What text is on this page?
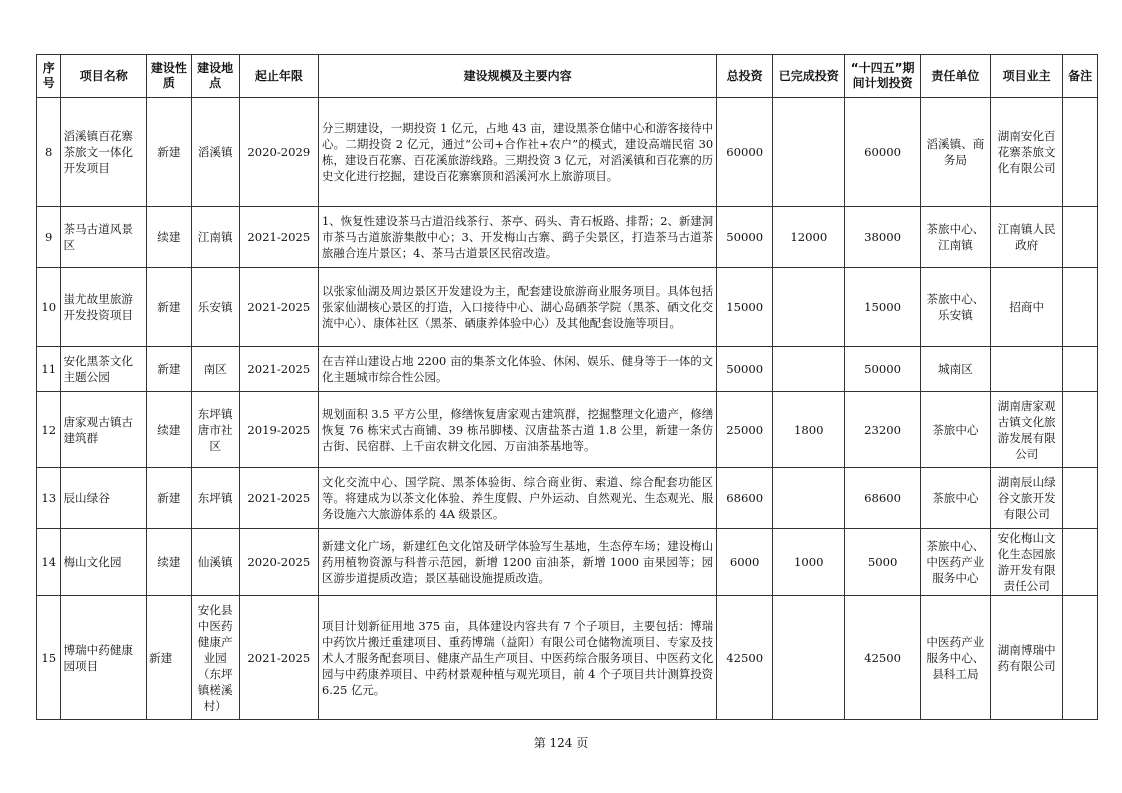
序号	项目名称	建设性质	建设地点	起止年限	建设规模及主要内容	总投资	已完成投资	“十四五”期间计划投资	责任单位	项目业主	备注
8	滔溪镇百花寨茶旅文一体化开发项目	新建	滔溪镇	2020-2029	分三期建设，一期投资 1 亿元，占地 43 亩，建设黑茶仓储中心和游客接待中心。二期投资 2 亿元，通过“公司+合作社+农户”的模式，建设高端民宿 30 栋，建设百花寨、百花溪旅游线路。三期投资 3 亿元，对滔溪镇和百花寨的历史文化进行挖掘，建设百花寨寨顶和滔溪河水上旅游项目。	60000		60000	滔溪镇、商务局	湖南安化百花寨茶旅文化有限公司	
9	茶马古道风景区	续建	江南镇	2021-2025	1、恢复性建设茶马古道沿线茶行、茶亭、码头、青石板路、排帮；2、新建洞市茶马古道旅游集散中心；3、开发梅山古寨、鹞子尖景区，打造茶马古道茶旅融合连片景区；4、茶马古道景区民宿改造。	50000	12000	38000	茶旅中心、江南镇	江南镇人民政府	
10	蚩尤故里旅游开发投资项目	新建	乐安镇	2021-2025	以张家仙湖及周边景区开发建设为主，配套建设旅游商业服务项目。具体包括张家仙湖核心景区的打造，入口接待中心、湖心岛硒茶学院（黑茶、硒文化交流中心）、康体社区（黑茶、硒康养体验中心）及其他配套设施等项目。	15000		15000	茶旅中心、乐安镇	招商中	
11	安化黑茶文化主题公园	新建	南区	2021-2025	在吉祥山建设占地 2200 亩的集茶文化体验、休闲、娱乐、健身等于一体的文化主题城市综合性公园。	50000		50000	城南区		
12	唐家观古镇古建筑群	续建	东坪镇唐市社区	2019-2025	规划面积 3.5 平方公里，修缮恢复唐家观古建筑群，挖掘整理文化遗产，修缮恢复 76 栋宋式古商铺、39 栋吊脚楼、汉唐盐茶古道 1.8 公里，新建一条仿古街、民宿群、上千亩农耕文化园、万亩油茶基地等。	25000	1800	23200	茶旅中心	湖南唐家观古镇文化旅游发展有限公司	
13	辰山绿谷	新建	东坪镇	2021-2025	文化交流中心、国学院、黑茶体验街、综合商业街、索道、综合配套功能区等。将建成为以茶文化体验、养生度假、户外运动、自然观光、生态观光、服务设施六大旅游体系的 4A 级景区。	68600		68600	茶旅中心	湖南辰山绿谷文旅开发有限公司	
14	梅山文化园	续建	仙溪镇	2020-2025	新建文化广场，新建红色文化馆及研学体验写生基地，生态停车场；建设梅山药用植物资源与科普示范园，新增 1200 亩油茶，新增 1000 亩果园等；园区游步道提质改造；景区基础设施提质改造。	6000	1000	5000	茶旅中心、中医药产业服务中心	安化梅山文化生态园旅游开发有限责任公司	
15	博瑞中药健康园项目	新建	安化县中医药健康产业园（东坪镇槎溪村）	2021-2025	项目计划新征用地 375 亩，具体建设内容共有 7 个子项目，主要包括：博瑞中药饮片搬迁重建项目、重药博瑞（益阳）有限公司仓储物流项目、专家及技术人才服务配套项目、健康产品生产项目、中医药综合服务项目、中医药文化园与中药康养项目、中药材景观种植与观光项目，前 4 个子项目共计测算投资 6.25 亿元。	42500		42500	中医药产业服务中心、县科工局	湖南博瑞中药有限公司	
第 124 页
